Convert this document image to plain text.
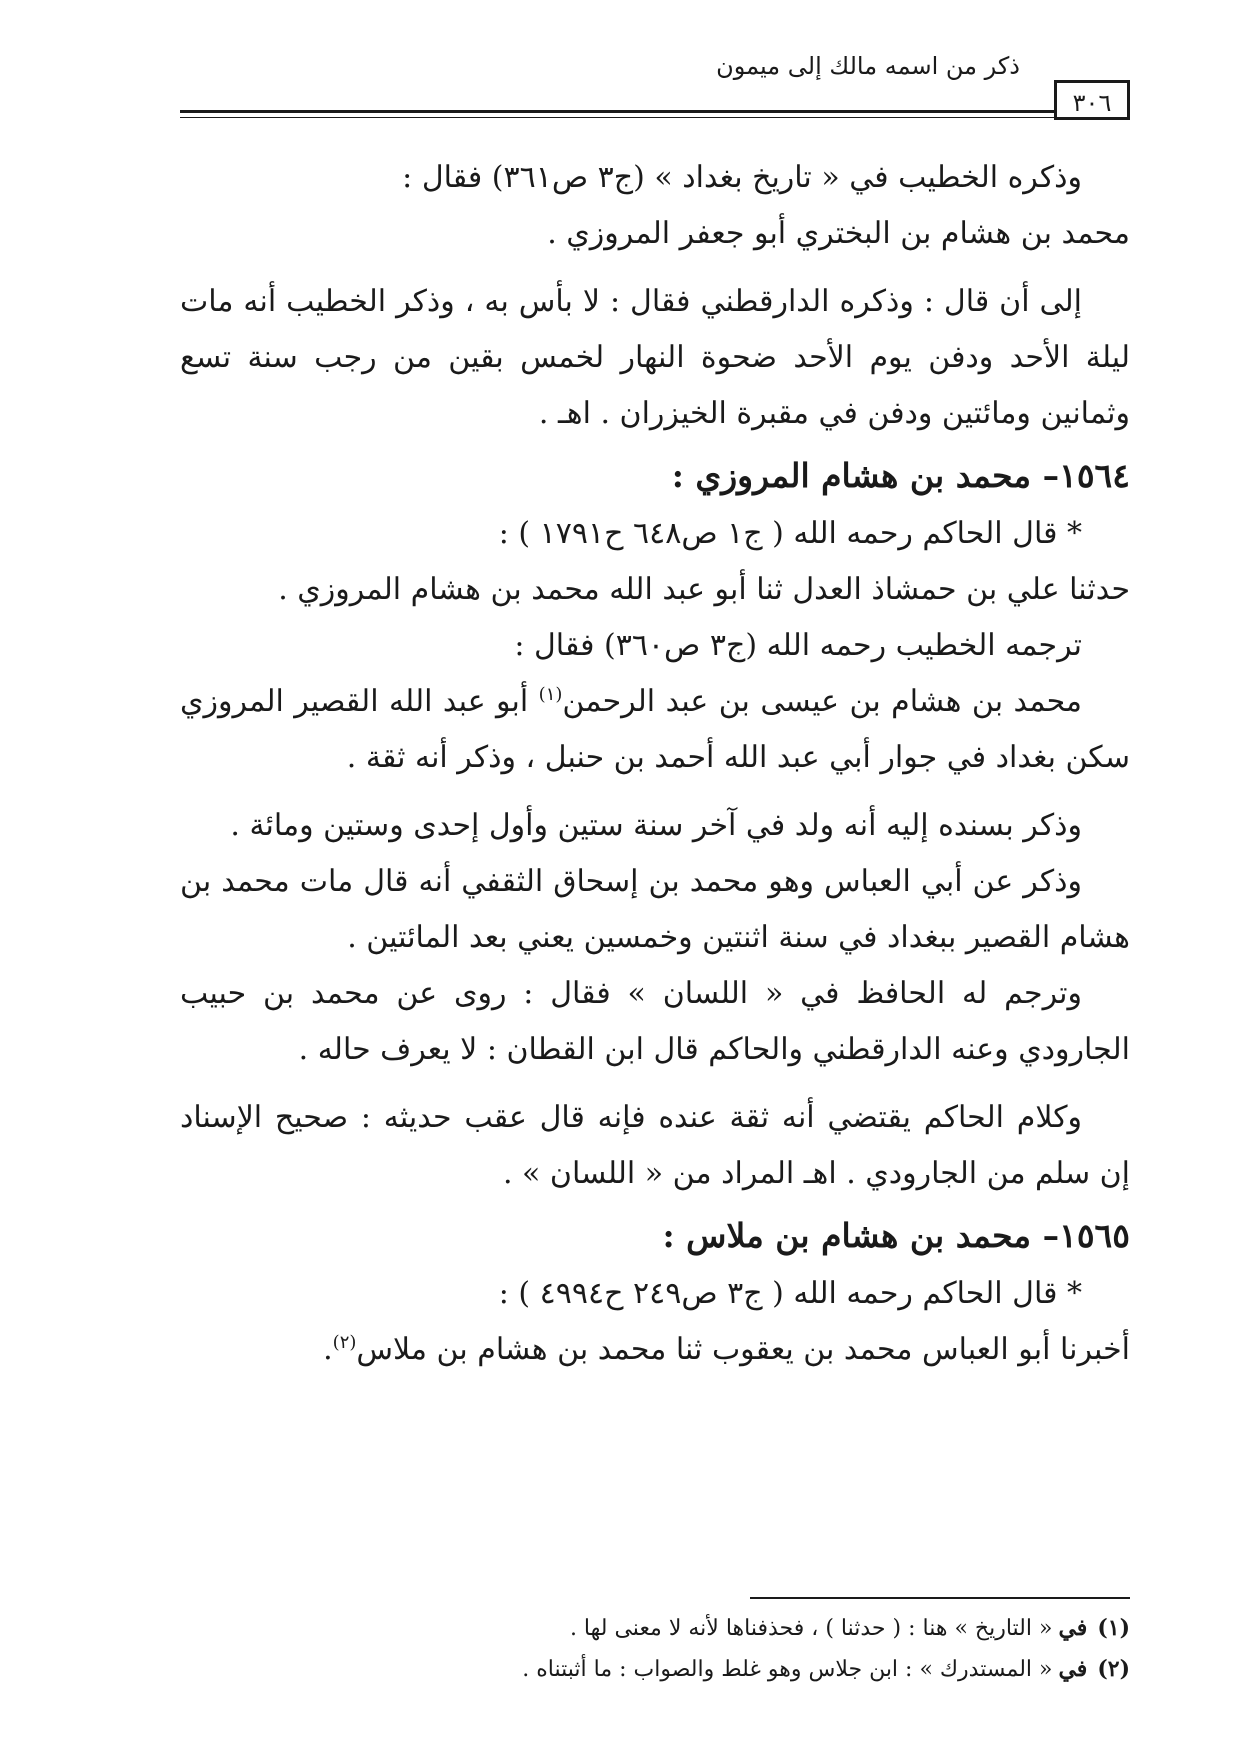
ذكر من اسمه مالك إلى ميمون
٣٠٦

وذكره الخطيب في « تاريخ بغداد » (ج٣ ص٣٦١) فقال :

محمد بن هشام بن البختري أبو جعفر المروزي .

إلى أن قال : وذكره الدارقطني فقال : لا بأس به ، وذكر الخطيب أنه مات ليلة الأحد ودفن يوم الأحد ضحوة النهار لخمس بقين من رجب سنة تسع وثمانين ومائتين ودفن في مقبرة الخيزران . اهـ .

١٥٦٤– محمد بن هشام المروزي :

* قال الحاكم رحمه الله ( ج١ ص٦٤٨ ح١٧٩١ ) :

حدثنا علي بن حمشاذ العدل ثنا أبو عبد الله محمد بن هشام المروزي .

ترجمه الخطيب رحمه الله (ج٣ ص٣٦٠) فقال :

محمد بن هشام بن عيسى بن عبد الرحمن$^{(١)}$ أبو عبد الله القصير المروزي سكن بغداد في جوار أبي عبد الله أحمد بن حنبل ، وذكر أنه ثقة .

وذكر بسنده إليه أنه ولد في آخر سنة ستين وأول إحدى وستين ومائة .

وذكر عن أبي العباس وهو محمد بن إسحاق الثقفي أنه قال مات محمد بن هشام القصير ببغداد في سنة اثنتين وخمسين يعني بعد المائتين .

وترجم له الحافظ في « اللسان » فقال : روى عن محمد بن حبيب الجارودي وعنه الدارقطني والحاكم قال ابن القطان : لا يعرف حاله .

وكلام الحاكم يقتضي أنه ثقة عنده فإنه قال عقب حديثه : صحيح الإسناد إن سلم من الجارودي . اهـ المراد من « اللسان » .

١٥٦٥– محمد بن هشام بن ملاس :

* قال الحاكم رحمه الله ( ج٣ ص٢٤٩ ح٤٩٩٤ ) :

أخبرنا أبو العباس محمد بن يعقوب ثنا محمد بن هشام بن ملاس$^{(٢)}$.

(١)في« التاريخ » هنا : ( حدثنا ) ، فحذفناها لأنه لا معنى لها .

(٢)في« المستدرك » : ابن جلاس وهو غلط والصواب : ما أثبتناه .
